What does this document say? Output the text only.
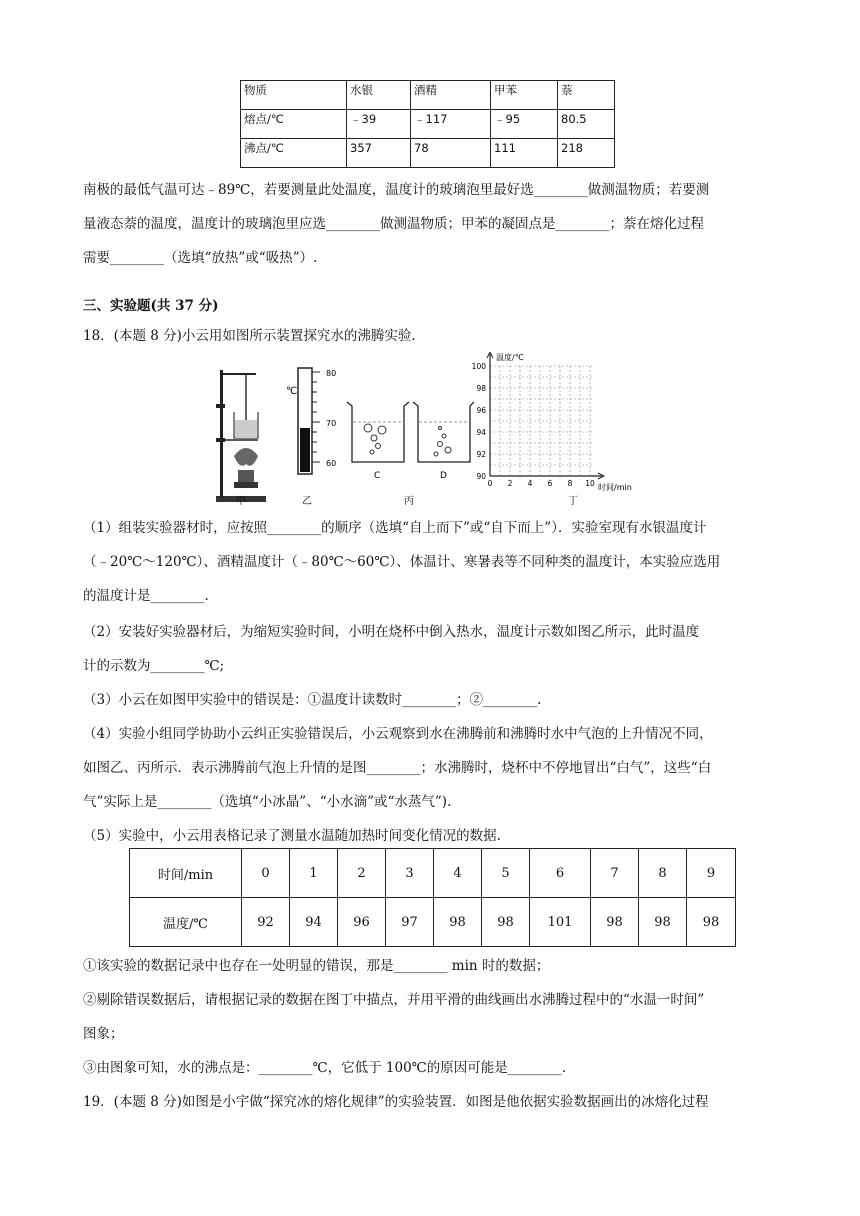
物质	水银	酒精	甲苯	萘
熔点/℃	﹣39	﹣117	﹣95	80.5
沸点/℃	357	78	111	218
南极的最低气温可达﹣89℃，若要测量此处温度，温度计的玻璃泡里最好选________做测温物质；若要测
量液态萘的温度，温度计的玻璃泡里应选________做测温物质；甲苯的凝固点是________；萘在熔化过程
需要________（选填“放热”或“吸热”）.
三、实验题(共 37 分)
18．(本题 8 分)小云用如图所示装置探究水的沸腾实验.
℃
80
70
60
C	D
温度/℃
时间/min
100
98
96
94
92
90
0 2 4 6 8 10
甲	乙	丙	丁
（1）组装实验器材时，应按照________的顺序（选填“自上而下”或“自下而上”）．实验室现有水银温度计
（﹣20℃～120℃）、酒精温度计（﹣80℃～60℃）、体温计、寒暑表等不同种类的温度计，本实验应选用
的温度计是________.
（2）安装好实验器材后，为缩短实验时间，小明在烧杯中倒入热水，温度计示数如图乙所示，此时温度
计的示数为________℃;
（3）小云在如图甲实验中的错误是：①温度计读数时________；②________.
（4）实验小组同学协助小云纠正实验错误后，小云观察到水在沸腾前和沸腾时水中气泡的上升情况不同，
如图乙、丙所示．表示沸腾前气泡上升情的是图________；水沸腾时，烧杯中不停地冒出“白气”，这些“白
气”实际上是________（选填“小冰晶”、“小水滴”或“水蒸气”).
（5）实验中，小云用表格记录了测量水温随加热时间变化情况的数据.
时间/min	0	1	2	3	4	5	6	7	8	9
温度/℃	92	94	96	97	98	98	101	98	98	98
①该实验的数据记录中也存在一处明显的错误，那是________ min 时的数据；
②剔除错误数据后，请根据记录的数据在图丁中描点，并用平滑的曲线画出水沸腾过程中的“水温一时间”
图象；
③由图象可知，水的沸点是：________℃，它低于 100℃的原因可能是________.
19．(本题 8 分)如图是小宇做“探究冰的熔化规律”的实验装置．如图是他依据实验数据画出的冰熔化过程
